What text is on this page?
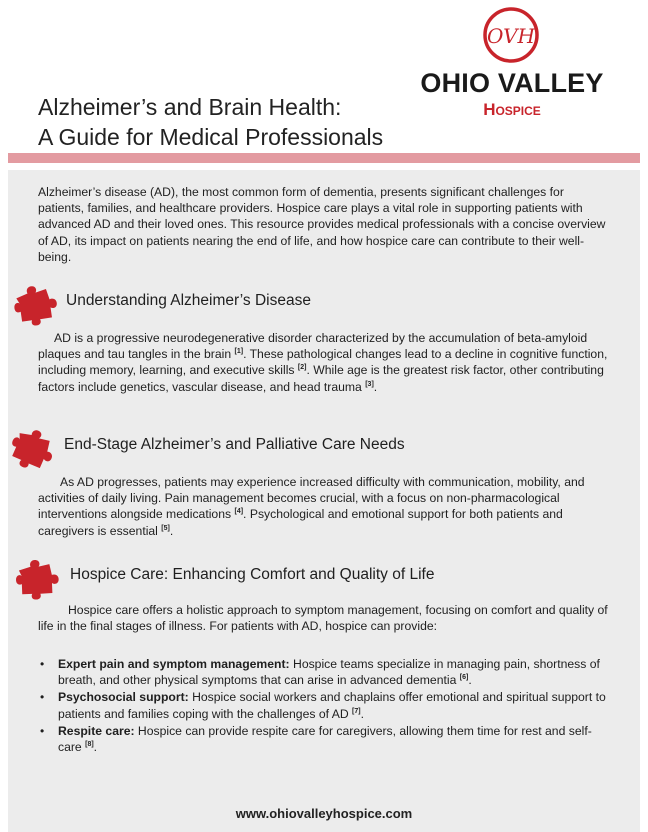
OVH
OHIO VALLEY
Hospice
Alzheimer’s and Brain Health:
A Guide for Medical Professionals

Alzheimer’s disease (AD), the most common form of dementia, presents significant challenges for patients, families, and healthcare providers. Hospice care plays a vital role in supporting patients with advanced AD and their loved ones. This resource provides medical professionals with a concise overview of AD, its impact on patients nearing the end of life, and how hospice care can contribute to their well-being.

Understanding Alzheimer’s Disease

AD is a progressive neurodegenerative disorder characterized by the accumulation of beta-amyloid plaques and tau tangles in the brain [1]. These pathological changes lead to a decline in cognitive function, including memory, learning, and executive skills [2]. While age is the greatest risk factor, other contributing factors include genetics, vascular disease, and head trauma [3].

End-Stage Alzheimer’s and Palliative Care Needs

As AD progresses, patients may experience increased difficulty with communication, mobility, and activities of daily living. Pain management becomes crucial, with a focus on non-pharmacological interventions alongside medications [4]. Psychological and emotional support for both patients and caregivers is essential [5].

Hospice Care: Enhancing Comfort and Quality of Life

Hospice care offers a holistic approach to symptom management, focusing on comfort and quality of life in the final stages of illness. For patients with AD, hospice can provide:

• Expert pain and symptom management: Hospice teams specialize in managing pain, shortness of breath, and other physical symptoms that can arise in advanced dementia [6].
• Psychosocial support: Hospice social workers and chaplains offer emotional and spiritual support to patients and families coping with the challenges of AD [7].
• Respite care: Hospice can provide respite care for caregivers, allowing them time for rest and self-care [8].
www.ohiovalleyhospice.com
